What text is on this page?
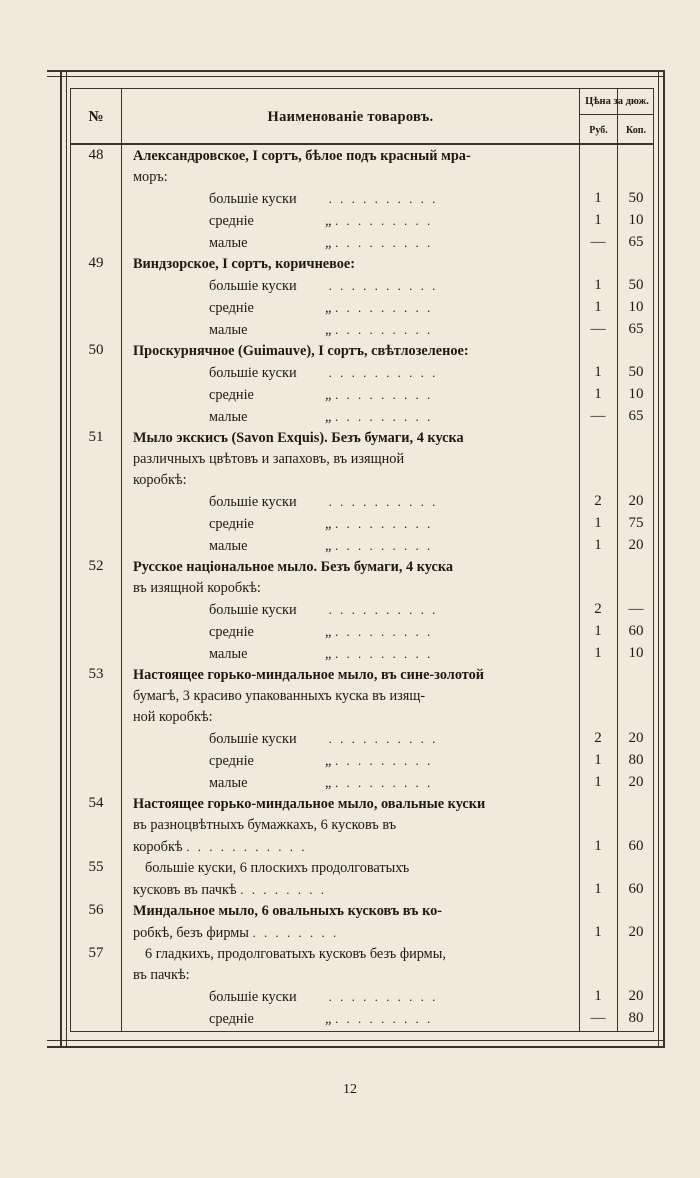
№	Наименованіе товаровъ.
Цѣна за дюж.
Руб.	Коп.
48	Александровское, I сортъ, бѣлое подъ красный мра-
моръ:
большіе куски . . . . . . . . . .	1	50
среднie	„ . . . . . . . . .	1	10
малые	„ . . . . . . . . .	—	65
49	Виндзорское, I сортъ, коричневое:
большіе куски . . . . . . . . . .	1	50
среднie	„ . . . . . . . . .	1	10
малые	„ . . . . . . . . .	—	65
50	Проскурнячное (Guimauve), I сортъ, свѣтлозеленое:
большіе куски . . . . . . . . . .	1	50
среднie	„ . . . . . . . . .	1	10
малые	„ . . . . . . . . .	—	65
51	Мыло экскисъ (Savon Exquis). Безъ бумаги, 4 куска
различныхъ цвѣтовъ и запаховъ, въ изящной
коробкѣ:
большіе куски . . . . . . . . . .	2	20
среднie	„ . . . . . . . . .	1	75
малые	„ . . . . . . . . .	1	20
52	Русское національное мыло. Безъ бумаги, 4 куска
въ изящной коробкѣ:
большіе куски . . . . . . . . . .	2	—
среднie	„ . . . . . . . . .	1	60
малые	„ . . . . . . . . .	1	10
53	Настоящее горько-миндальное мыло, въ сине-золотой
бумагѣ, 3 красиво упакованныхъ куска въ изящ-
ной коробкѣ:
большіе куски . . . . . . . . . .	2	20
среднie	„ . . . . . . . . .	1	80
малые	„ . . . . . . . . .	1	20
54	Настоящее горько-миндальное мыло, овальные куски
въ разноцвѣтныхъ бумажкахъ, 6 кусковъ въ
коробкѣ . . . . . . . . . . .	1	60
55	большіе куски, 6 плоскихъ продолговатыхъ
кусковъ въ пачкѣ . . . . . . . .	1	60
56	Миндальное мыло, 6 овальныхъ кусковъ въ ко-
робкѣ, безъ фирмы . . . . . . . .	1	20
57	6 гладкихъ, продолговатыхъ кусковъ безъ фирмы,
въ пачкѣ:
большіе куски . . . . . . . . . .	1	20
среднie	„ . . . . . . . . .	—	80
12
